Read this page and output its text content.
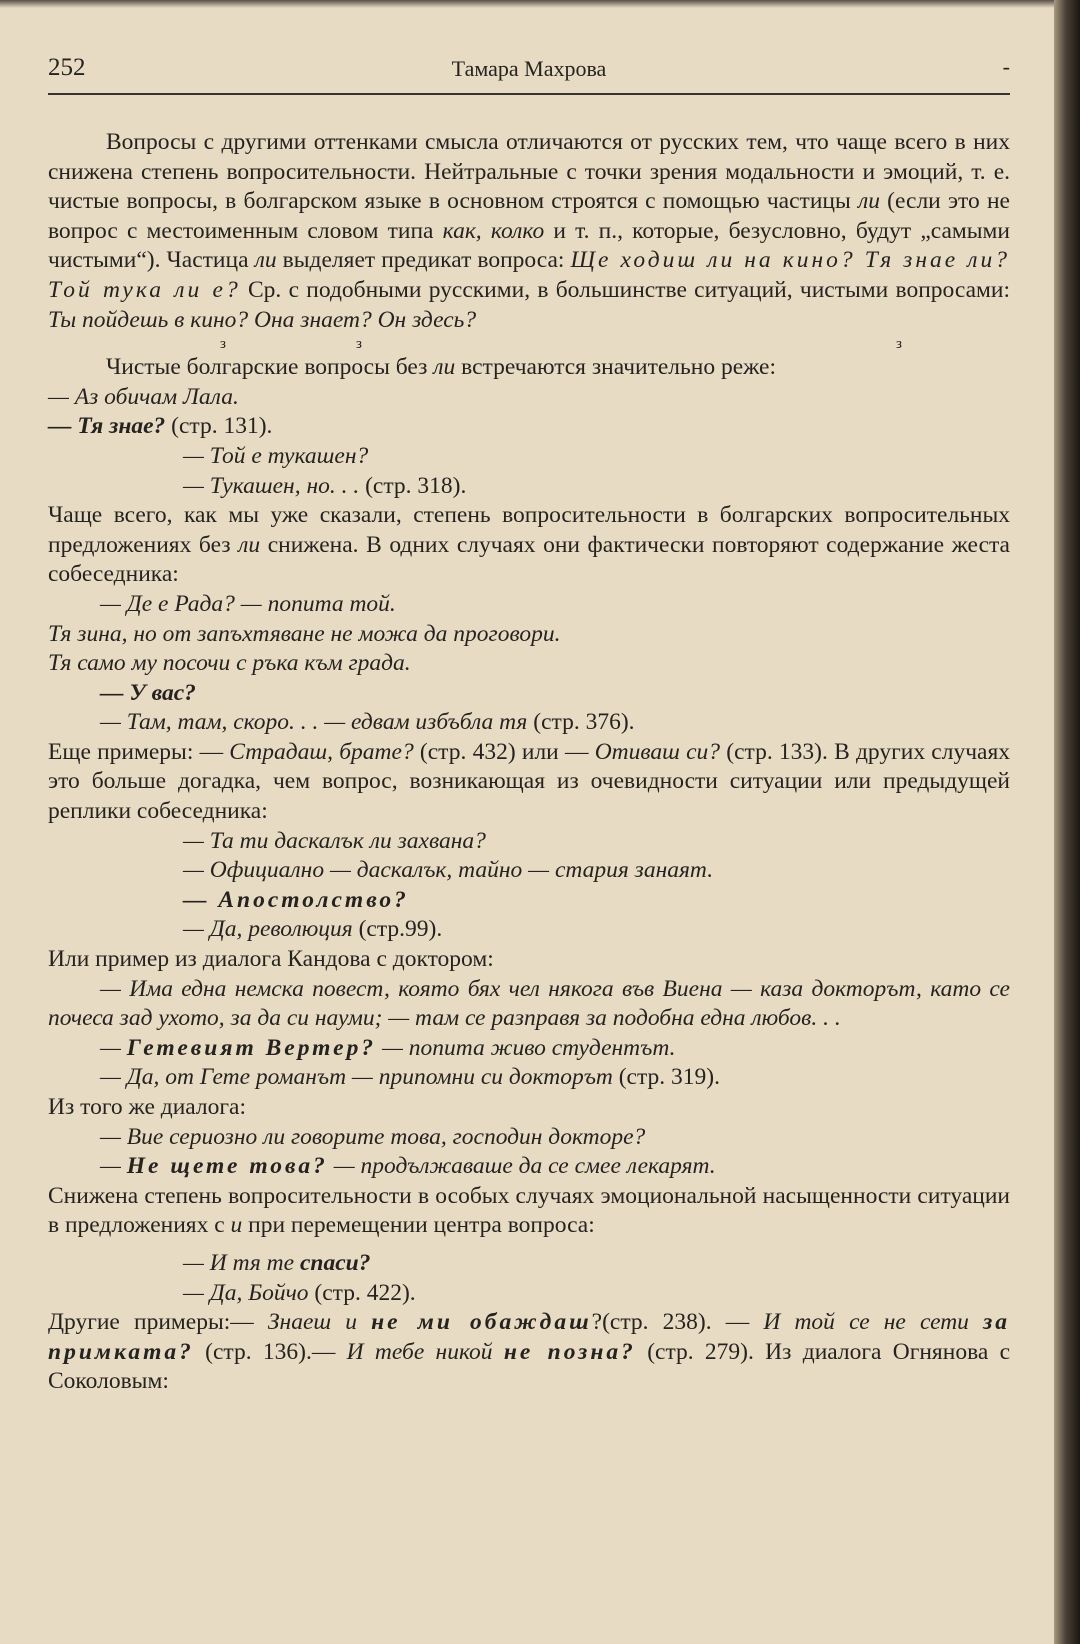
252	Тамара Махрова	-

Вопросы с другими оттенками смысла отличаются от русских тем, что чаще всего в них снижена степень вопросительности. Нейтральные с точки зрения модальности и эмоций, т. е. чистые вопросы, в болгарском языке в основном строятся с помощью частицы ли (если это не вопрос с местоименным словом типа как, колко и т. п., которые, безусловно, будут „самыми чистыми“). Частица ли выделяет предикат вопроса: Ще ходиш ли на кино? Тя знае ли? Той тука ли е? Ср. с подобными русскими, в большинстве ситуаций, чистыми вопросами: Ты пойдешь в кино? Она знает? Он здесь?

з	з	з

Чистые болгарские вопросы без ли встречаются значительно реже:

— Аз обичам Лала.

— Тя знае? (стр. 131).

— Той е тукашен?

— Тукашен, но. . . (стр. 318).

Чаще всего, как мы уже сказали, степень вопросительности в болгарских вопросительных предложениях без ли снижена. В одних случаях они фактически повторяют содержание жеста собеседника:

— Де е Рада? — попита той.

Тя зина, но от запъхтяване не можа да проговори.

Тя само му посочи с ръка към града.

— У вас?

— Там, там, скоро. . . — едвам избъбла тя (стр. 376).

Еще примеры: — Страдаш, брате? (стр. 432) или — Отиваш си? (стр. 133). В других случаях это больше догадка, чем вопрос, возникающая из очевидности ситуации или предыдущей реплики собеседника:

— Та ти даскалък ли захвана?

— Официално — даскалък, тайно — стария занаят.

— Апостолство?

— Да, революция (стр.99).

Или пример из диалога Кандова с доктором:

— Има една немска повест, която бях чел някога във Виена — каза докторът, като се почеса зад ухото, за да си науми; — там се разправя за подобна една любов. . .

— Гетевият Вертер? — попита живо студентът.

— Да, от Гете романът — припомни си докторът (стр. 319).

Из того же диалога:

— Вие сериозно ли говорите това, господин докторе?

— Не щете това? — продължаваше да се смее лекарят.

Снижена степень вопросительности в особых случаях эмоциональной насыщенности ситуации в предложениях с и при перемещении центра вопроса:

— И тя те спаси?

— Да, Бойчо (стр. 422).

Другие примеры:— Знаеш и не ми обаждаш?(стр. 238). — И той се не сети за примката? (стр. 136).— И тебе никой не позна? (стр. 279). Из диалога Огнянова с Соколовым:
